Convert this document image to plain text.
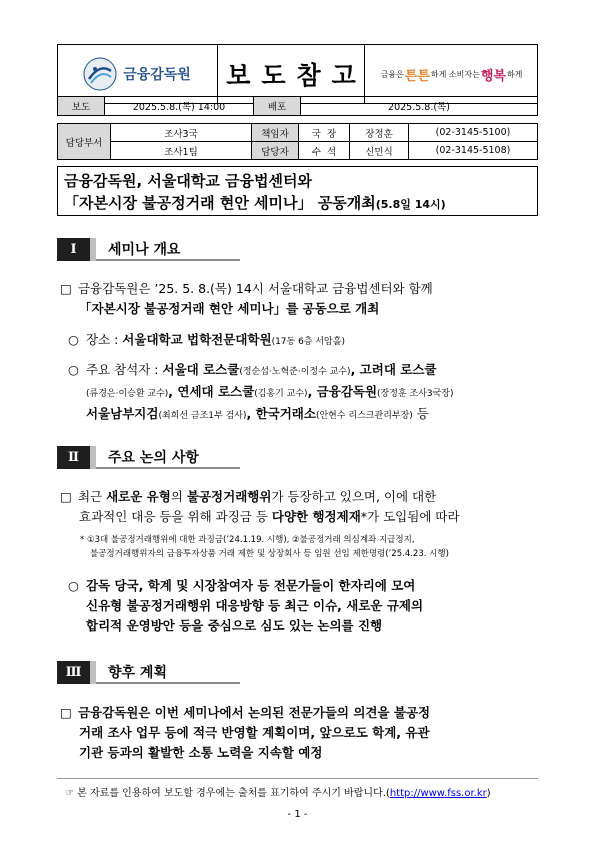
금융감독원 보도참고 금융은 튼튼 하게 소비자는 행복 하게
보도	2025.5.8.(목) 14:00	배포	2025.5.8.(목)
담당부서	조사3국	책임자	국  장	장정훈	(02-3145-5100)
	조사1팀	담당자	수  석	신민식	(02-3145-5108)
금융감독원, 서울대학교 금융법센터와
「자본시장 불공정거래 현안 세미나」 공동개최(5.8일 14시)
Ⅰ	세미나 개요
□ 금융감독원은 ’25. 5. 8.(목) 14시 서울대학교 금융법센터와 함께
「자본시장 불공정거래 현안 세미나」를 공동으로 개최
○ 장소 : 서울대학교 법학전문대학원(17동 6층 서암홀)
○ 주요 참석자 : 서울대 로스쿨(정순섭·노혁준·이정수 교수), 고려대 로스쿨
(류경은·이승환 교수), 연세대 로스쿨(김홍기 교수), 금융감독원(장정훈 조사3국장)
서울남부지검(최희선 금조1부 검사), 한국거래소(안현수 리스크관리부장) 등
Ⅱ	주요 논의 사항
□ 최근 새로운 유형의 불공정거래행위가 등장하고 있으며, 이에 대한
효과적인 대응 등을 위해 과징금 등 다양한 행정제재*가 도입됨에 따라
* ①3대 불공정거래행위에 대한 과징금(’24.1.19. 시행), ②불공정거래 의심계좌 지급정지,
불공정거래행위자의 금융투자상품 거래 제한 및 상장회사 등 임원 선임 제한명령(’25.4.23. 시행)
○ 감독 당국, 학계 및 시장참여자 등 전문가들이 한자리에 모여
신유형 불공정거래행위 대응방향 등 최근 이슈, 새로운 규제의
합리적 운영방안 등을 중심으로 심도 있는 논의를 진행
Ⅲ	향후 계획
□ 금융감독원은 이번 세미나에서 논의된 전문가들의 의견을 불공정
거래 조사 업무 등에 적극 반영할 계획이며, 앞으로도 학계, 유관
기관 등과의 활발한 소통 노력을 지속할 예정
☞ 본 자료를 인용하여 보도할 경우에는 출처를 표기하여 주시기 바랍니다.(http://www.fss.or.kr)
- 1 -
